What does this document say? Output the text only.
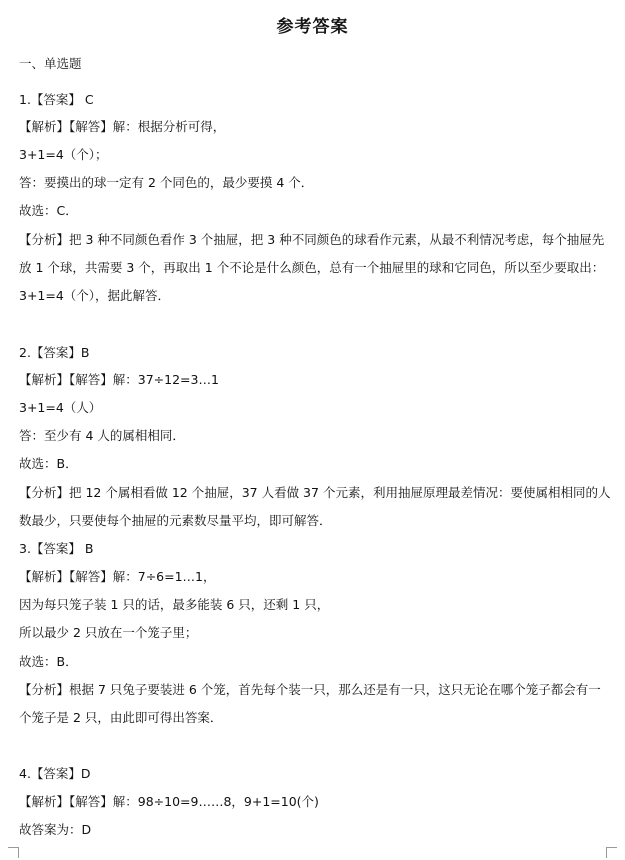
参考答案
一、单选题
1.【答案】 C
【解析】【解答】解：根据分析可得，
3+1=4（个）；
答：要摸出的球一定有 2 个同色的，最少要摸 4 个．
故选：C．
【分析】把 3 种不同颜色看作 3 个抽屉，把 3 种不同颜色的球看作元素，从最不利情况考虑，每个抽屉先
放 1 个球，共需要 3 个，再取出 1 个不论是什么颜色，总有一个抽屉里的球和它同色，所以至少要取出：
3+1=4（个），据此解答．
2.【答案】B
【解析】【解答】解：37÷12=3…1
3+1=4（人）
答：至少有 4 人的属相相同．
故选：B．
【分析】把 12 个属相看做 12 个抽屉，37 人看做 37 个元素，利用抽屉原理最差情况：要使属相相同的人
数最少，只要使每个抽屉的元素数尽量平均，即可解答．
3.【答案】 B
【解析】【解答】解：7÷6=1…1，
因为每只笼子装 1 只的话，最多能装 6 只，还剩 1 只，
所以最少 2 只放在一个笼子里；
故选：B．
【分析】根据 7 只兔子要装进 6 个笼，首先每个装一只，那么还是有一只，这只无论在哪个笼子都会有一
个笼子是 2 只，由此即可得出答案．
4.【答案】D
【解析】【解答】解：98÷10=9……8，9+1=10(个)
故答案为：D
